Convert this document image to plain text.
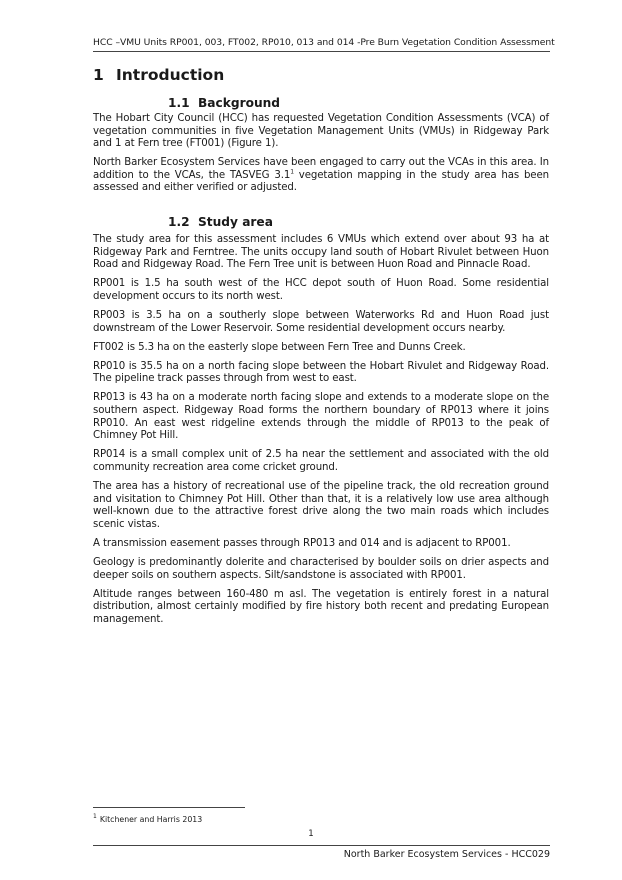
HCC –VMU Units RP001, 003, FT002, RP010, 013 and 014 -Pre Burn Vegetation Condition Assessment
1 Introduction
1.1 Background

The Hobart City Council (HCC) has requested Vegetation Condition Assessments (VCA) of vegetation communities in five Vegetation Management Units (VMUs) in Ridgeway Park and 1 at Fern tree (FT001) (Figure 1).

North Barker Ecosystem Services have been engaged to carry out the VCAs in this area. In addition to the VCAs, the TASVEG $3.1^1$ vegetation mapping in the study area has been assessed and either verified or adjusted.

1.2 Study area

The study area for this assessment includes 6 VMUs which extend over about 93 ha at Ridgeway Park and Ferntree. The units occupy land south of Hobart Rivulet between Huon Road and Ridgeway Road. The Fern Tree unit is between Huon Road and Pinnacle Road.

RP001 is 1.5 ha south west of the HCC depot south of Huon Road. Some residential development occurs to its north west.

RP003 is 3.5 ha on a southerly slope between Waterworks Rd and Huon Road just downstream of the Lower Reservoir. Some residential development occurs nearby.

FT002 is 5.3 ha on the easterly slope between Fern Tree and Dunns Creek.

RP010 is 35.5 ha on a north facing slope between the Hobart Rivulet and Ridgeway Road. The pipeline track passes through from west to east.

RP013 is 43 ha on a moderate north facing slope and extends to a moderate slope on the southern aspect. Ridgeway Road forms the northern boundary of RP013 where it joins RP010. An east west ridgeline extends through the middle of RP013 to the peak of Chimney Pot Hill.

RP014 is a small complex unit of 2.5 ha near the settlement and associated with the old community recreation area come cricket ground.

The area has a history of recreational use of the pipeline track, the old recreation ground and visitation to Chimney Pot Hill. Other than that, it is a relatively low use area although well-known due to the attractive forest drive along the two main roads which includes scenic vistas.

A transmission easement passes through RP013 and 014 and is adjacent to RP001.

Geology is predominantly dolerite and characterised by boulder soils on drier aspects and deeper soils on southern aspects. Silt/sandstone is associated with RP001.

Altitude ranges between 160-480 m asl. The vegetation is entirely forest in a natural distribution, almost certainly modified by fire history both recent and predating European management.

$^1$ Kitchener and Harris 2013
1
North Barker Ecosystem Services - HCC029
